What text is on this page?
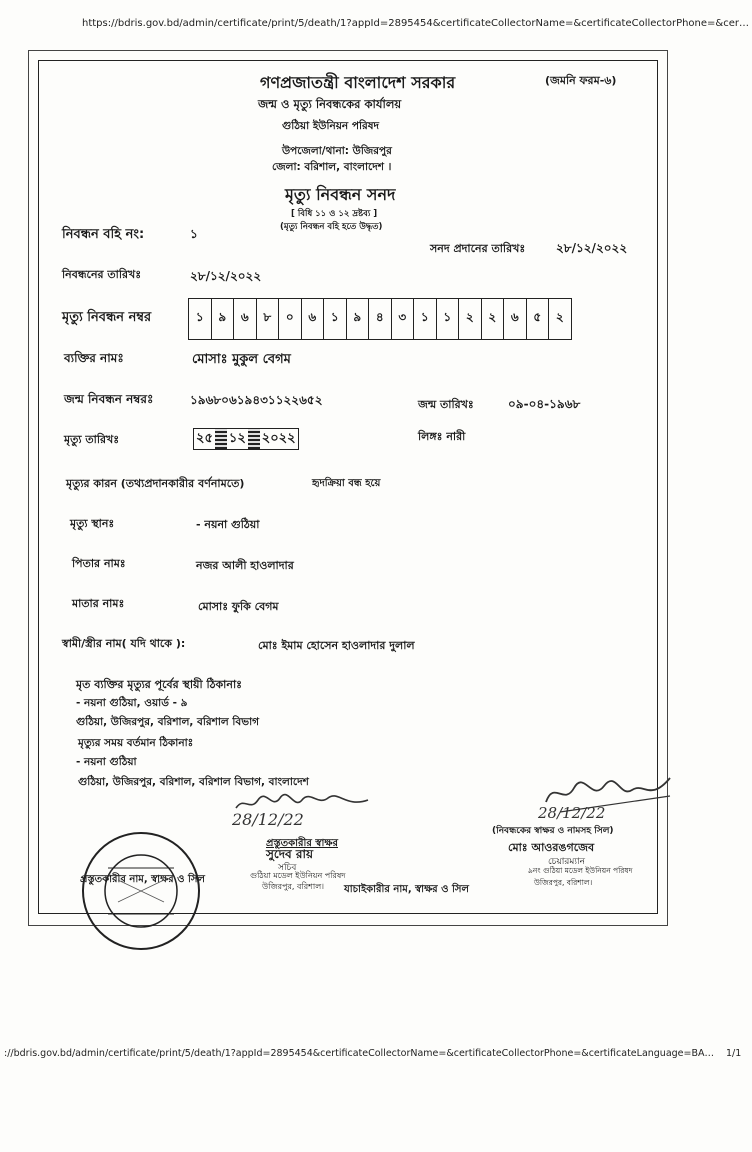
https://bdris.gov.bd/admin/certificate/print/5/death/1?appId=2895454&certificateCollectorName=&certificateCollectorPhone=&cer…
গণপ্রজাতন্ত্রী বাংলাদেশ সরকার	(জমনি ফরম-৬)
জন্ম ও মৃত্যু নিবন্ধকের কার্যালয়
গুঠিয়া ইউনিয়ন পরিষদ
উপজেলা/থানা: উজিরপুর
জেলা: বরিশাল, বাংলাদেশ ।
মৃত্যু নিবন্ধন সনদ
[ বিধি ১১ ও ১২ দ্রষ্টব্য ]
(মৃত্যু নিবন্ধন বহি হতে উদ্ধৃত)
নিবন্ধন বহি নং:	১
সনদ প্রদানের তারিখঃ	২৮/১২/২০২২
নিবন্ধনের তারিখঃ	২৮/১২/২০২২
মৃত্যু নিবন্ধন নম্বর	১	৯	৬	৮	০	৬	১	৯	৪	৩	১	১	২	২	৬	৫	২
ব্যক্তির নামঃ	মোসাঃ মুকুল বেগম
জন্ম নিবন্ধন নম্বরঃ	১৯৬৮০৬১৯৪৩১১২২৬৫২	জন্ম তারিখঃ	০৯-০৪-১৯৬৮
মৃত্যু তারিখঃ	২৫ ১২ ২০২২	লিঙ্গঃ নারী
মৃত্যুর কারন (তথ্যপ্রদানকারীর বর্ণনামতে)	হৃদক্রিয়া বন্ধ হয়ে
মৃত্যু স্থানঃ	- নয়না গুঠিয়া
পিতার নামঃ	নজর আলী হাওলাদার
মাতার নামঃ	মোসাঃ ফুকি বেগম
স্বামী/স্ত্রীর নাম( যদি থাকে ):	মোঃ ইমাম হোসেন হাওলাদার দুলাল
মৃত ব্যক্তির মৃত্যুর পূর্বের স্থায়ী ঠিকানাঃ
- নয়না গুঠিয়া, ওয়ার্ড - ৯
গুঠিয়া, উজিরপুর, বরিশাল, বরিশাল বিভাগ
মৃত্যুর সময় বর্তমান ঠিকানাঃ
- নয়না গুঠিয়া
গুঠিয়া, উজিরপুর, বরিশাল, বরিশাল বিভাগ, বাংলাদেশ
28/12/22
প্রস্তুতকারীর স্বাক্ষর
সুদেব রায়
সচিব
গুঠিয়া মডেল ইউনিয়ন পরিষদ
উজিরপুর, বরিশাল।
প্রস্তুতকারীর নাম, স্বাক্ষর ও সিল
যাচাইকারীর নাম, স্বাক্ষর ও সিল
28/12/22
(নিবন্ধকের স্বাক্ষর ও নামসহ সিল)
মোঃ আওরঙগজেব
চেয়ারম্যান
৯নং গুঠিয়া মডেল ইউনিয়ন পরিষদ
উজিরপুর, বরিশাল।
://bdris.gov.bd/admin/certificate/print/5/death/1?appId=2895454&certificateCollectorName=&certificateCollectorPhone=&certificateLanguage=BA… 1/1
